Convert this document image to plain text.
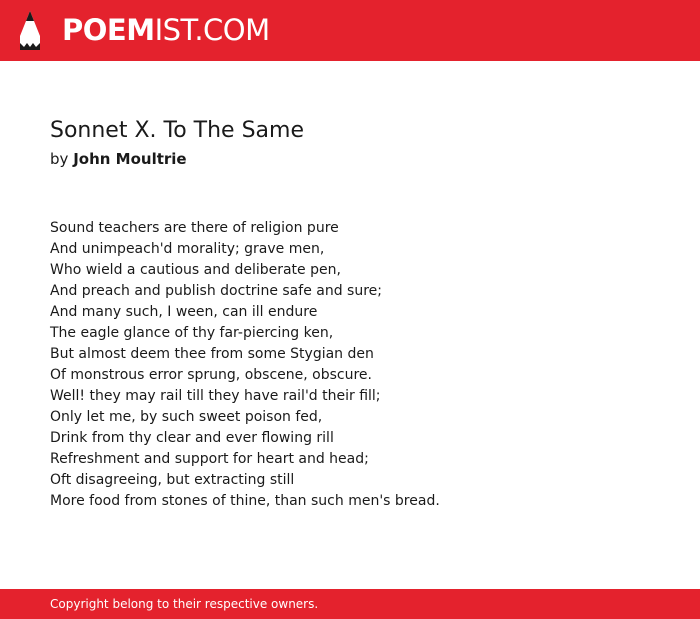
POEMIST.COM
Sonnet X. To The Same
by John Moultrie
Sound teachers are there of religion pure
And unimpeach'd morality; grave men,
Who wield a cautious and deliberate pen,
And preach and publish doctrine safe and sure;
And many such, I ween, can ill endure
The eagle glance of thy far-piercing ken,
But almost deem thee from some Stygian den
Of monstrous error sprung, obscene, obscure.
Well! they may rail till they have rail'd their fill;
Only let me, by such sweet poison fed,
Drink from thy clear and ever flowing rill
Refreshment and support for heart and head;
Oft disagreeing, but extracting still
More food from stones of thine, than such men's bread.
Copyright belong to their respective owners.
